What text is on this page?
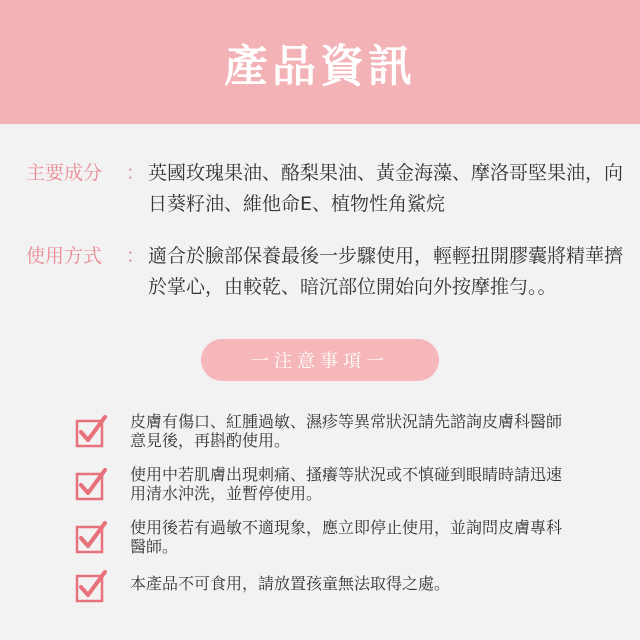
產品資訊
主要成分	： 英國玫瑰果油、酪梨果油、黃金海藻、摩洛哥堅果油，向日葵籽油、維他命E、植物性角鯊烷
使用方式	： 適合於臉部保養最後一步驟使用，輕輕扭開膠囊將精華擠於掌心，由較乾、暗沉部位開始向外按摩推勻。。
一注意事項一
皮膚有傷口、紅腫過敏、濕疹等異常狀況請先諮詢皮膚科醫師意見後，再斟酌使用。
使用中若肌膚出現刺痛、搔癢等狀況或不慎碰到眼睛時請迅速用清水沖洗，並暫停使用。
使用後若有過敏不適現象，應立即停止使用，並詢問皮膚專科醫師。
本產品不可食用，請放置孩童無法取得之處。
